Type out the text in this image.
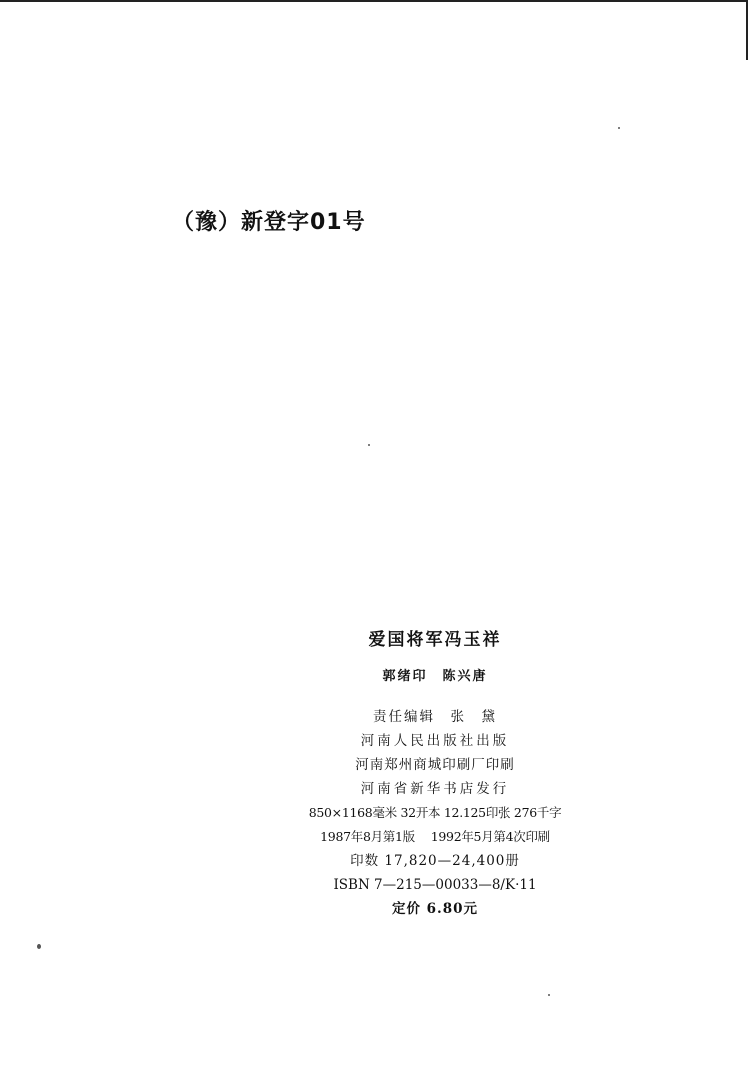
（豫）新登字01号
爱国将军冯玉祥
郭绪印　陈兴唐
责任编辑　张　黛
河南人民出版社出版
河南郑州商城印刷厂印刷
河南省新华书店发行
850×1168毫米 32开本 12.125印张 276千字
1987年8月第1版　 1992年5月第4次印刷
印数 17,820—24,400册
ISBN 7—215—00033—8/K·11
定价 6.80元
